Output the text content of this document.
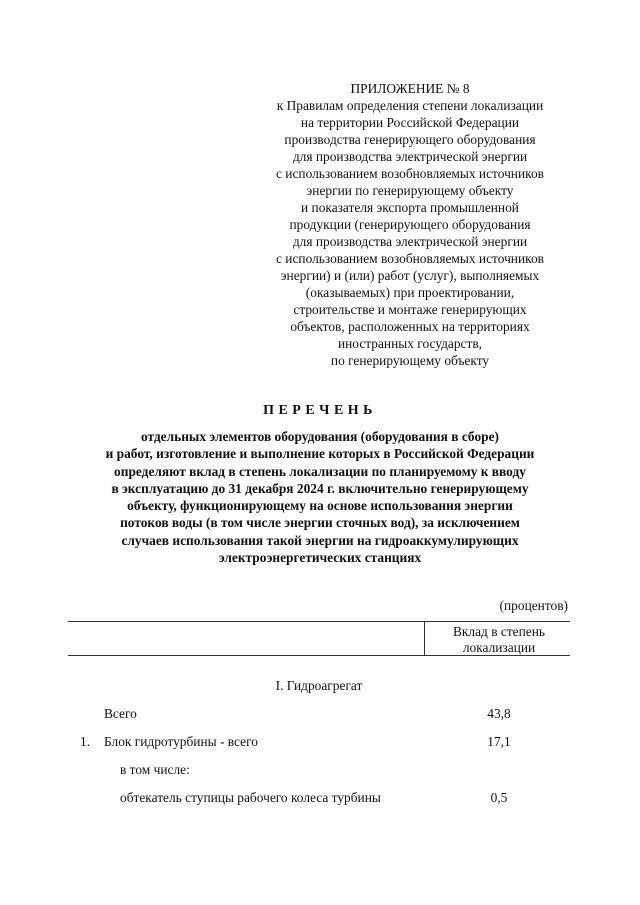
ПРИЛОЖЕНИЕ № 8
к Правилам определения степени локализации
на территории Российской Федерации
производства генерирующего оборудования
для производства электрической энергии
с использованием возобновляемых источников
энергии по генерирующему объекту
и показателя экспорта промышленной
продукции (генерирующего оборудования
для производства электрической энергии
с использованием возобновляемых источников
энергии) и (или) работ (услуг), выполняемых
(оказываемых) при проектировании,
строительстве и монтаже генерирующих
объектов, расположенных на территориях
иностранных государств,
по генерирующему объекту
ПЕРЕЧЕНЬ
отдельных элементов оборудования (оборудования в сборе)
и работ, изготовление и выполнение которых в Российской Федерации
определяют вклад в степень локализации по планируемому к вводу
в эксплуатацию до 31 декабря 2024 г. включительно генерирующему
объекту, функционирующему на основе использования энергии
потоков воды (в том числе энергии сточных вод), за исключением
случаев использования такой энергии на гидроаккумулирующих
электроэнергетических станциях
(процентов)
Вклад в степень
локализации
I. Гидроагрегат
Всего	43,8
1. Блок гидротурбины - всего	17,1
в том числе:
обтекатель ступицы рабочего колеса турбины	0,5
